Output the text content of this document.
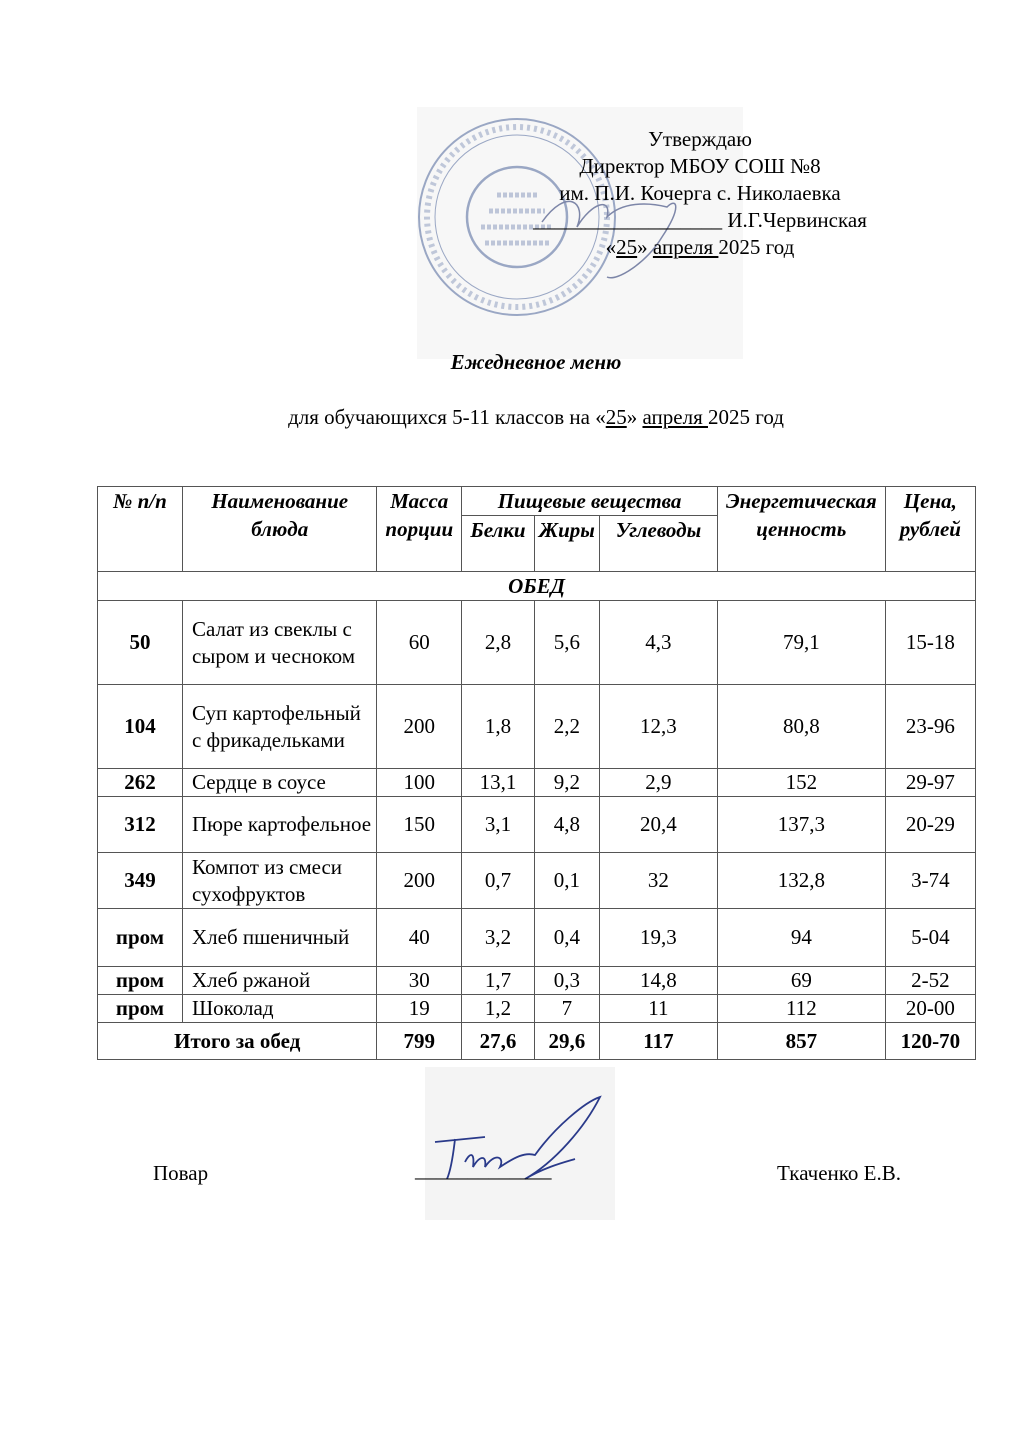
Утверждаю
Директор МБОУ СОШ №8
им. П.И. Кочерга с. Николаевка
__________________ И.Г.Червинская
«25» апреля 2025 год
Ежедневное меню
для обучающихся 5-11 классов на «25» апреля 2025 год
№ п/п	Наименование блюда	Массa порции	Пищевые вещества			Энергетическая ценность	Цена, рублей
			Белки	Жиры	Углеводы		
ОБЕД							
50	Салат из свеклы с сыром и чесноком	60	2,8	5,6	4,3	79,1	15-18
104	Суп картофельный с фрикадельками	200	1,8	2,2	12,3	80,8	23-96
262	Сердце в соусе	100	13,1	9,2	2,9	152	29-97
312	Пюре картофельное	150	3,1	4,8	20,4	137,3	20-29
349	Компот из смеси сухофруктов	200	0,7	0,1	32	132,8	3-74
пром	Хлеб пшеничный	40	3,2	0,4	19,3	94	5-04
пром	Хлеб ржаной	30	1,7	0,3	14,8	69	2-52
пром	Шоколад	19	1,2	7	11	112	20-00
Итого за обед		799	27,6	29,6	117	857	120-70
Повар	_____________	Ткаченко Е.В.
